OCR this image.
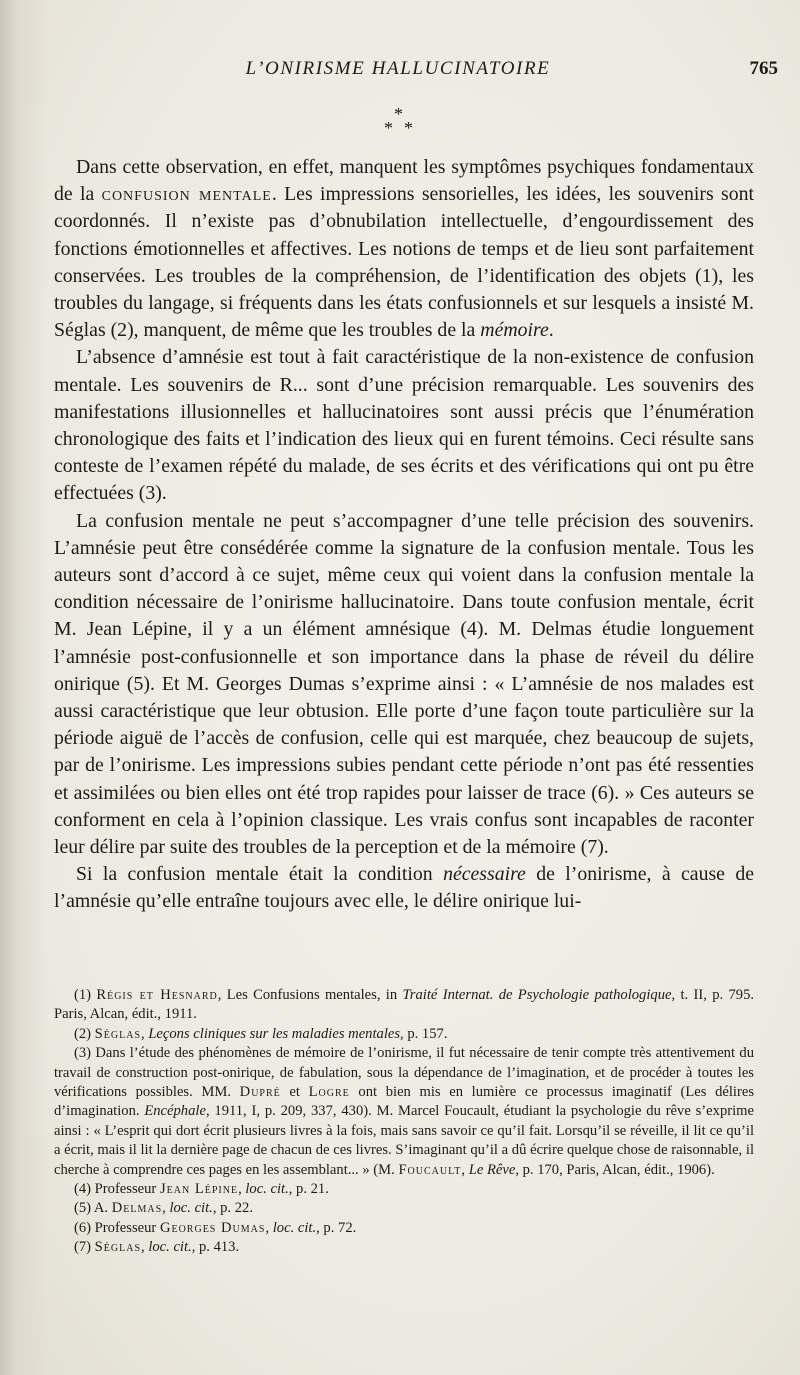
L’ONIRISME HALLUCINATOIRE	765
*
* *

Dans cette observation, en effet, manquent les symptômes psychiques fondamentaux de la confusion mentale. Les impressions sensorielles, les idées, les souvenirs sont coordonnés. Il n’existe pas d’obnubilation intellectuelle, d’engourdissement des fonctions émotionnelles et affectives. Les notions de temps et de lieu sont parfaitement conservées. Les troubles de la compréhension, de l’identification des objets (1), les troubles du langage, si fréquents dans les états confusionnels et sur lesquels a insisté M. Séglas (2), manquent, de même que les troubles de la mémoire.

L’absence d’amnésie est tout à fait caractéristique de la non-existence de confusion mentale. Les souvenirs de R... sont d’une précision remarquable. Les souvenirs des manifestations illusionnelles et hallucinatoires sont aussi précis que l’énumération chronologique des faits et l’indication des lieux qui en furent témoins. Ceci résulte sans conteste de l’examen répété du malade, de ses écrits et des vérifications qui ont pu être effectuées (3).

La confusion mentale ne peut s’accompagner d’une telle précision des souvenirs. L’amnésie peut être consédérée comme la signature de la confusion mentale. Tous les auteurs sont d’accord à ce sujet, même ceux qui voient dans la confusion mentale la condition nécessaire de l’onirisme hallucinatoire. Dans toute confusion mentale, écrit M. Jean Lépine, il y a un élément amnésique (4). M. Delmas étudie longuement l’amnésie post-confusionnelle et son importance dans la phase de réveil du délire onirique (5). Et M. Georges Dumas s’exprime ainsi : « L’amnésie de nos malades est aussi caractéristique que leur obtusion. Elle porte d’une façon toute particulière sur la période aiguë de l’accès de confusion, celle qui est marquée, chez beaucoup de sujets, par de l’onirisme. Les impressions subies pendant cette période n’ont pas été ressenties et assimilées ou bien elles ont été trop rapides pour laisser de trace (6). » Ces auteurs se conforment en cela à l’opinion classique. Les vrais confus sont incapables de raconter leur délire par suite des troubles de la perception et de la mémoire (7).

Si la confusion mentale était la condition nécessaire de l’onirisme, à cause de l’amnésie qu’elle entraîne toujours avec elle, le délire onirique lui-

(1) Régis et Hesnard, Les Confusions mentales, in Traité Internat. de Psychologie pathologique, t. II, p. 795. Paris, Alcan, édit., 1911.

(2) Séglas, Leçons cliniques sur les maladies mentales, p. 157.

(3) Dans l’étude des phénomènes de mémoire de l’onirisme, il fut nécessaire de tenir compte très attentivement du travail de construction post-onirique, de fabulation, sous la dépendance de l’imagination, et de procéder à toutes les vérifications possibles. MM. Dupré et Logre ont bien mis en lumière ce processus imaginatif (Les délires d’imagination. Encéphale, 1911, I, p. 209, 337, 430). M. Marcel Foucault, étudiant la psychologie du rêve s’exprime ainsi : « L’esprit qui dort écrit plusieurs livres à la fois, mais sans savoir ce qu’il fait. Lorsqu’il se réveille, il lit ce qu’il a écrit, mais il lit la dernière page de chacun de ces livres. S’imaginant qu’il a dû écrire quelque chose de raisonnable, il cherche à comprendre ces pages en les assemblant... » (M. Foucault, Le Rêve, p. 170, Paris, Alcan, édit., 1906).

(4) Professeur Jean Lépine, loc. cit., p. 21.

(5) A. Delmas, loc. cit., p. 22.

(6) Professeur Georges Dumas, loc. cit., p. 72.

(7) Séglas, loc. cit., p. 413.
